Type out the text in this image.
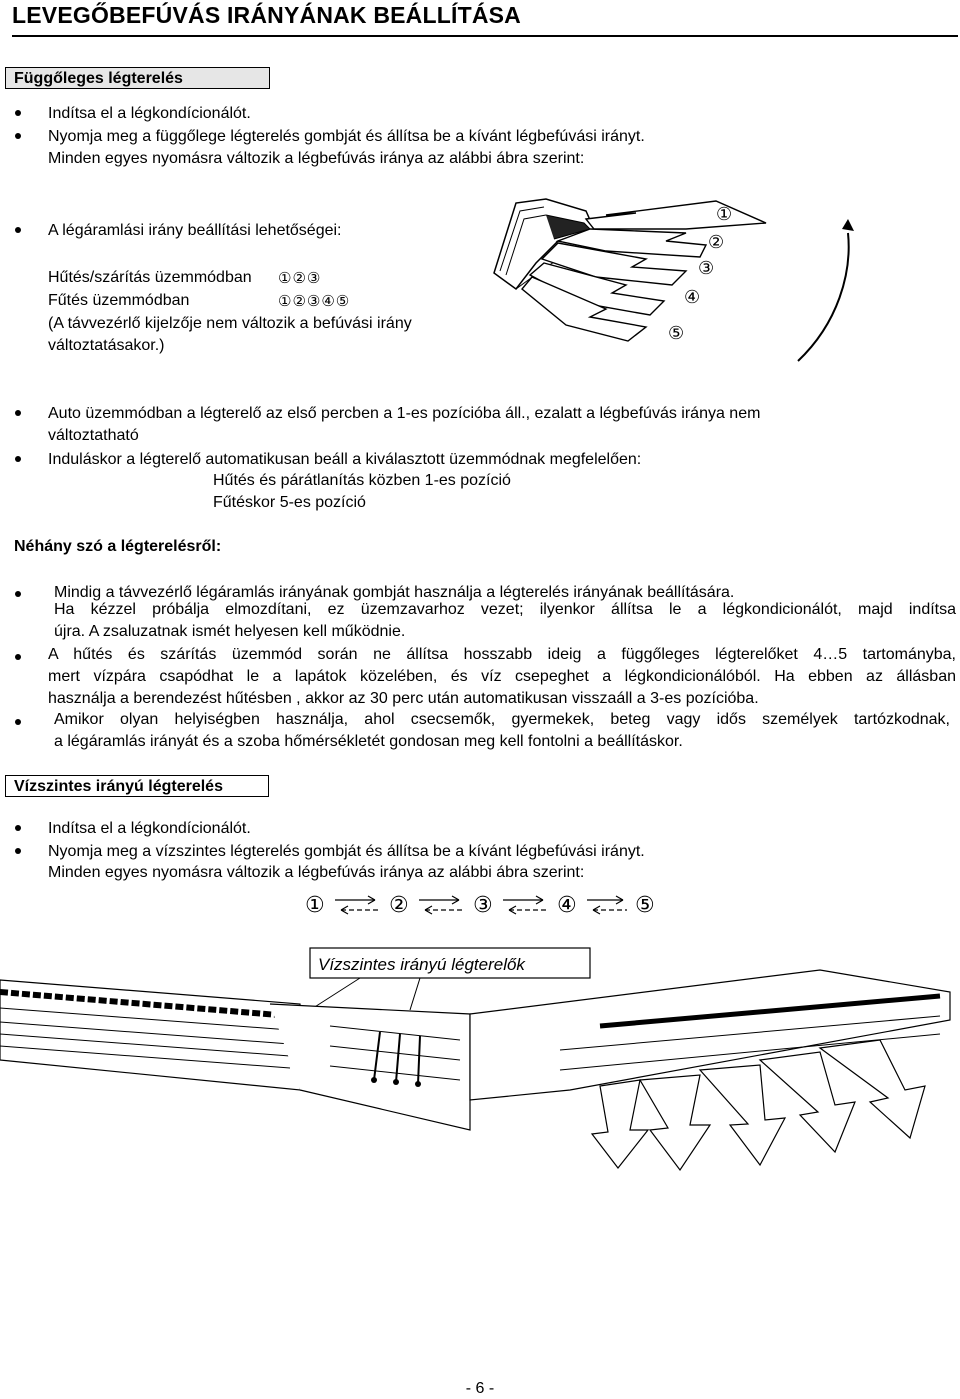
LEVEGŐBEFÚVÁS IRÁNYÁNAK BEÁLLÍTÁSA
Függőleges légterelés
Indítsa el a légkondícionálót.
Nyomja meg a függőlege légterelés gombját és állítsa be a kívánt légbefúvási irányt.
Minden egyes nyomásra változik a légbefúvás iránya az alábbi ábra szerint:
A légáramlási irány beállítási lehetőségei:
Hűtés/szárítás üzemmódban ①②③
Fűtés üzemmódban	①②③④⑤
(A távvezérlő kijelzője nem változik a befúvási irány
változtatásakor.)
①
②
③
④
⑤
Auto üzemmódban a légterelő az első percben a 1-es pozícióba áll., ezalatt a légbefúvás iránya nem
változtatható
Induláskor a légterelő automatikusan beáll a kiválasztott üzemmódnak megfelelően:
Hűtés és párátlanítás közben 1-es pozíció
Fűtéskor 5-es pozíció
Néhány szó a légterelésről:
Mindig a távvezérlő légáramlás irányának gombját használja a légterelés irányának beállítására.
Ha kézzel próbálja elmozdítani, ez üzemzavarhoz vezet; ilyenkor állítsa le a légkondicionálót, majd indítsa
újra. A zsaluzatnak ismét helyesen kell működnie.
A hűtés és szárítás üzemmód során ne állítsa hosszabb ideig a függőleges légterelőket 4…5 tartományba,
mert vízpára csapódhat le a lapátok közelében, és víz csepeghet a légkondicionálóból. Ha ebben az állásban
használja a berendezést hűtésben , akkor az 30 perc után automatikusan visszaáll a 3-es pozícióba.
Amikor olyan helyiségben használja, ahol csecsemők, gyermekek, beteg vagy idős személyek tartózkodnak,
a légáramlás irányát és a szoba hőmérsékletét gondosan meg kell fontolni a beállításkor.
Vízszintes irányú légterelés
Indítsa el a légkondícionálót.
Nyomja meg a vízszintes légterelés gombját és állítsa be a kívánt légbefúvási irányt.
Minden egyes nyomásra változik a légbefúvás iránya az alábbi ábra szerint:
①	②	③	④	⑤
Vízszintes irányú légterelők
- 6 -
